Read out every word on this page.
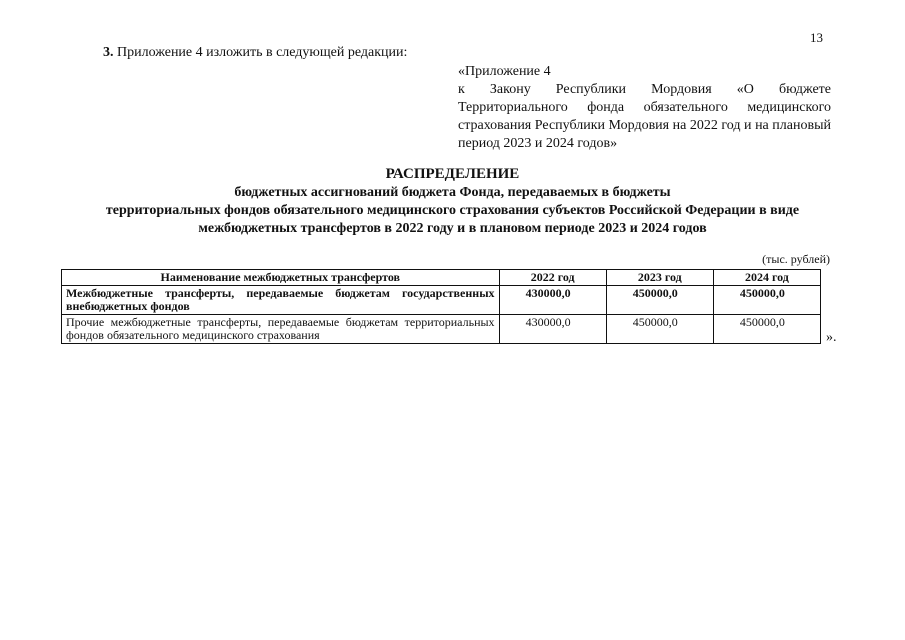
13
3. Приложение 4 изложить в следующей редакции:
«Приложение 4
к Закону Республики Мордовия «О бюджете Территориального фонда обязательного медицинского страхования Республики Мордовия на 2022 год и на плановый период 2023 и 2024 годов»
РАСПРЕДЕЛЕНИЕ
бюджетных ассигнований бюджета Фонда, передаваемых в бюджеты
территориальных фондов обязательного медицинского страхования субъектов Российской Федерации в виде
межбюджетных трансфертов в 2022 году и в плановом периоде 2023 и 2024 годов
(тыс. рублей)
Наименование межбюджетных трансфертов	2022 год	2023 год	2024 год
Межбюджетные трансферты, передаваемые бюджетам государственных внебюджетных фондов	430000,0	450000,0	450000,0
Прочие межбюджетные трансферты, передаваемые бюджетам территориальных фондов обязательного медицинского страхования	430000,0	450000,0	450000,0
».
